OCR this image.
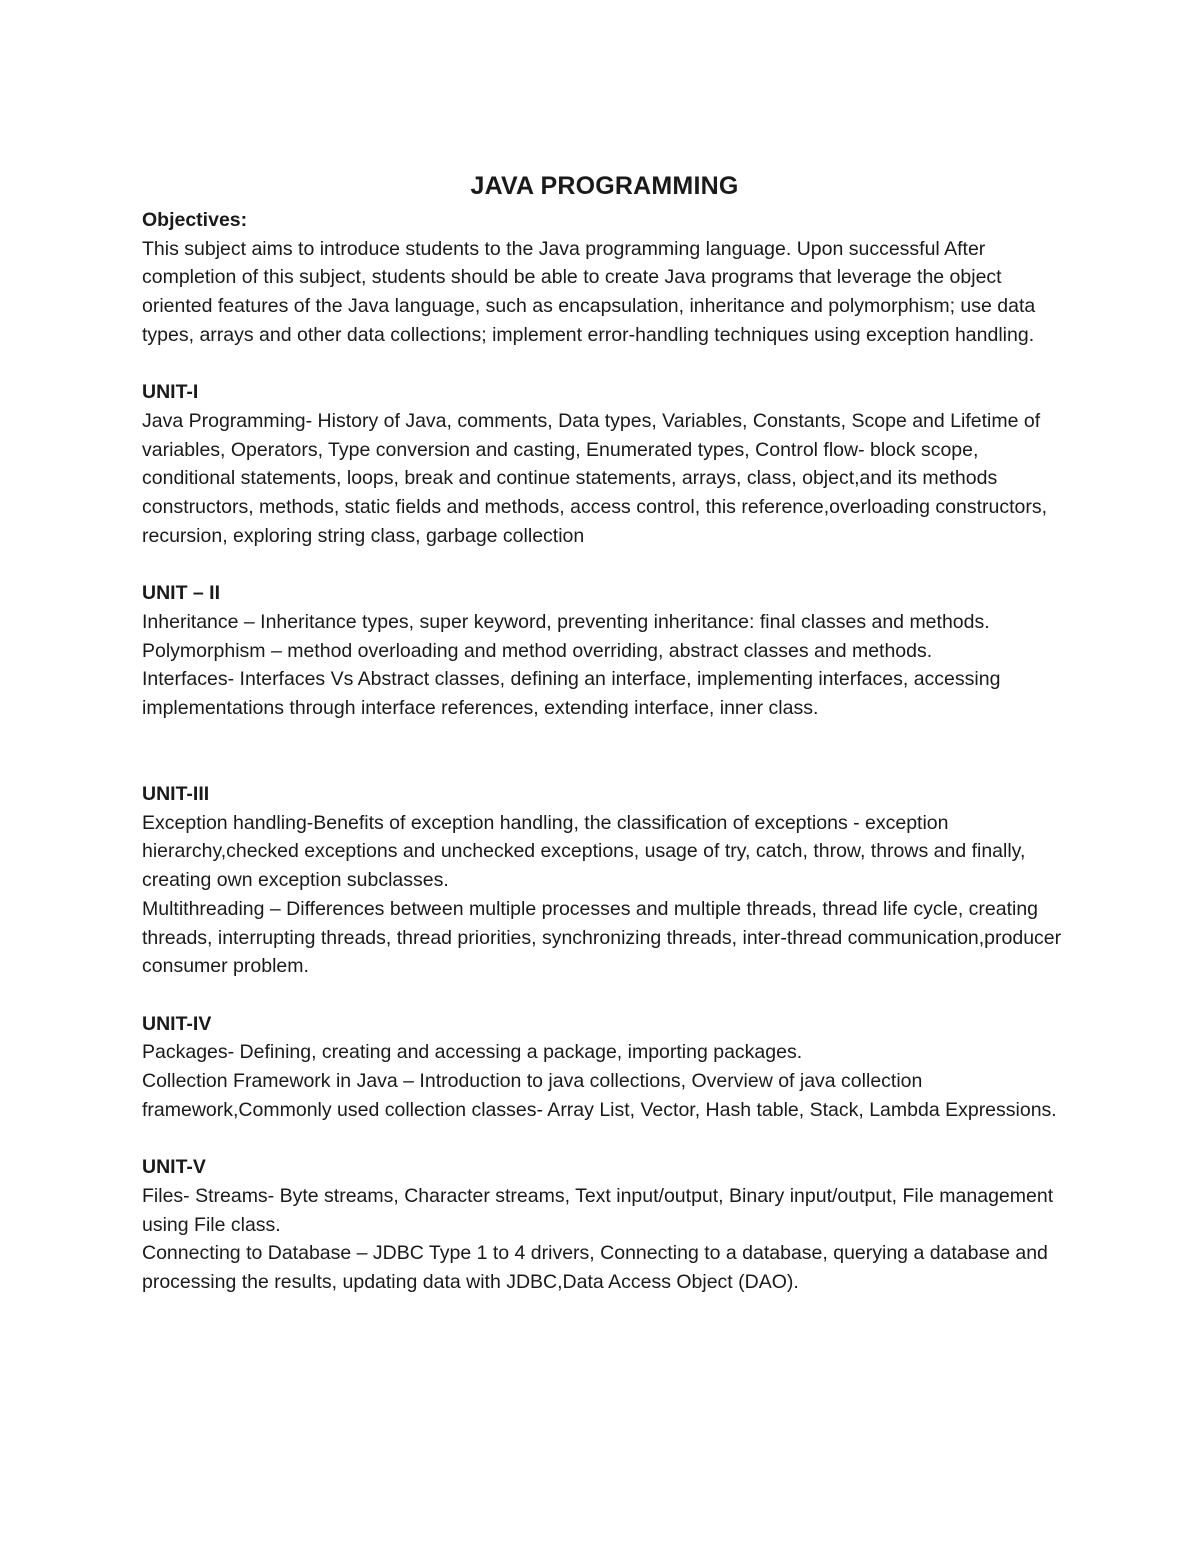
JAVA PROGRAMMING

Objectives:

This subject aims to introduce students to the Java programming language. Upon successful After completion of this subject, students should be able to create Java programs that leverage the object oriented features of the Java language, such as encapsulation, inheritance and polymorphism; use data types, arrays and other data collections; implement error-handling techniques using exception handling.

UNIT-I

Java Programming- History of Java, comments, Data types, Variables, Constants, Scope and Lifetime of variables, Operators, Type conversion and casting, Enumerated types, Control flow- block scope, conditional statements, loops, break and continue statements, arrays, class, object,and its methods constructors, methods, static fields and methods, access control, this reference,overloading constructors, recursion, exploring string class, garbage collection

UNIT – II

Inheritance – Inheritance types, super keyword, preventing inheritance: final classes and methods.

Polymorphism – method overloading and method overriding, abstract classes and methods.

Interfaces- Interfaces Vs Abstract classes, defining an interface, implementing interfaces, accessing implementations through interface references, extending interface, inner class.

UNIT-III

Exception handling-Benefits of exception handling, the classification of exceptions - exception hierarchy,checked exceptions and unchecked exceptions, usage of try, catch, throw, throws and finally, creating own exception subclasses.

Multithreading – Differences between multiple processes and multiple threads, thread life cycle, creating threads, interrupting threads, thread priorities, synchronizing threads, inter-thread communication,producer consumer problem.

UNIT-IV

Packages- Defining, creating and accessing a package, importing packages.

Collection Framework in Java – Introduction to java collections, Overview of java collection framework,Commonly used collection classes- Array List, Vector, Hash table, Stack, Lambda Expressions.

UNIT-V

Files- Streams- Byte streams, Character streams, Text input/output, Binary input/output, File management using File class.

Connecting to Database – JDBC Type 1 to 4 drivers, Connecting to a database, querying a database and processing the results, updating data with JDBC,Data Access Object (DAO).
